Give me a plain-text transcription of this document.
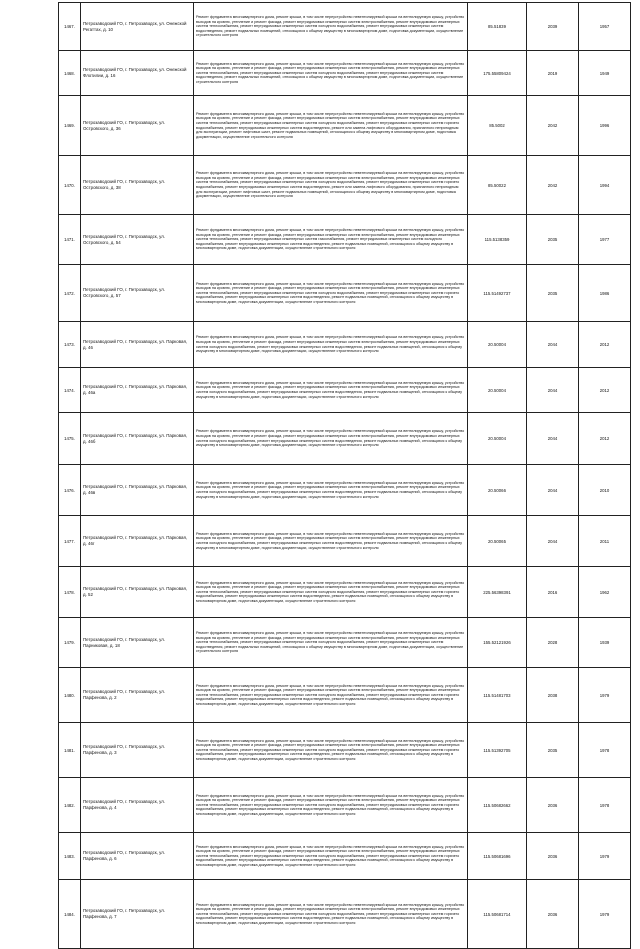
1467.	Петрозаводский ГО, г. Петрозаводск, ул. Онежской Регаттах, д. 10	Ремонт фундамента многоквартирного дома, ремонт крыши, в том числе переустройство невентилируемой крыши на вентилируемую крышу, устройство выходов на кровлю, утепление и ремонт фасада, ремонт внутридомовых инженерных систем электроснабжения, ремонт внутридомовых инженерных систем теплоснабжения, ремонт внутридомовых инженерных систем холодного водоснабжения, ремонт внутридомовых инженерных систем водоотведения, ремонт подвальных помещений, относящихся к общему имуществу в многоквартирном доме, подготовка документации, осуществление строительного контроля	85.51839	2039	1957
1468.	Петрозаводский ГО, г. Петрозаводск, ул. Онежской Флотилии, д. 16	Ремонт фундамента многоквартирного дома, ремонт крыши, в том числе переустройство невентилируемой крыши на вентилируемую крышу, устройство выходов на кровлю, утепление и ремонт фасада, ремонт внутридомовых инженерных систем электроснабжения, ремонт внутридомовых инженерных систем теплоснабжения, ремонт внутридомовых инженерных систем холодного водоснабжения, ремонт внутридомовых инженерных систем водоотведения, ремонт подвальных помещений, относящихся к общему имуществу в многоквартирном доме, подготовка документации, осуществление строительного контроля	175.55809424	2019	1949
1469.	Петрозаводский ГО, г. Петрозаводск, ул. Островского, д. 36	Ремонт фундамента многоквартирного дома, ремонт крыши, в том числе переустройство невентилируемой крыши на вентилируемую крышу, устройство выходов на кровлю, утепление и ремонт фасада, ремонт внутридомовых инженерных систем электроснабжения, ремонт внутридомовых инженерных систем теплоснабжения, ремонт внутридомовых инженерных систем холодного водоснабжения, ремонт внутридомовых инженерных систем горячего водоснабжения, ремонт внутридомовых инженерных систем водоотведения, ремонт или замена лифтового оборудования, признанного непригодным для эксплуатации, ремонт лифтовых шахт, ремонт подвальных помещений, относящихся к общему имуществу в многоквартирном доме, подготовка документации, осуществление строительного контроля	85.5002	2042	1996
1470.	Петрозаводский ГО, г. Петрозаводск, ул. Островского, д. 38	Ремонт фундамента многоквартирного дома, ремонт крыши, в том числе переустройство невентилируемой крыши на вентилируемую крышу, устройство выходов на кровлю, утепление и ремонт фасада, ремонт внутридомовых инженерных систем электроснабжения, ремонт внутридомовых инженерных систем теплоснабжения, ремонт внутридомовых инженерных систем холодного водоснабжения, ремонт внутридомовых инженерных систем горячего водоснабжения, ремонт внутридомовых инженерных систем водоотведения, ремонт или замена лифтового оборудования, признанного непригодным для эксплуатации, ремонт лифтовых шахт, ремонт подвальных помещений, относящихся к общему имуществу в многоквартирном доме, подготовка документации, осуществление строительного контроля	85.50022	2042	1994
1471.	Петрозаводский ГО, г. Петрозаводск, ул. Островского, д. 54	Ремонт фундамента многоквартирного дома, ремонт крыши, в том числе переустройство невентилируемой крыши на вентилируемую крышу, устройство выходов на кровлю, утепление и ремонт фасада, ремонт внутридомовых инженерных систем электроснабжения, ремонт внутридомовых инженерных систем теплоснабжения, ремонт внутридомовых инженерных систем газоснабжения, ремонт внутридомовых инженерных систем холодного водоснабжения, ремонт внутридомовых инженерных систем водоотведения, ремонт подвальных помещений, относящихся к общему имуществу в многоквартирном доме, подготовка документации, осуществление строительного контроля	115.5138359	2035	1977
1472.	Петрозаводский ГО, г. Петрозаводск, ул. Островского, д. 57	Ремонт фундамента многоквартирного дома, ремонт крыши, в том числе переустройство невентилируемой крыши на вентилируемую крышу, устройство выходов на кровлю, утепление и ремонт фасада, ремонт внутридомовых инженерных систем электроснабжения, ремонт внутридомовых инженерных систем теплоснабжения, ремонт внутридомовых инженерных систем холодного водоснабжения, ремонт внутридомовых инженерных систем горячего водоснабжения, ремонт внутридомовых инженерных систем водоотведения, ремонт подвальных помещений, относящихся к общему имуществу в многоквартирном доме, подготовка документации, осуществление строительного контроля	115.51492737	2035	1986
1473.	Петрозаводский ГО, г. Петрозаводск, ул. Парковая, д. 46	Ремонт фундамента многоквартирного дома, ремонт крыши, в том числе переустройство невентилируемой крыши на вентилируемую крышу, устройство выходов на кровлю, утепление и ремонт фасада, ремонт внутридомовых инженерных систем электроснабжения, ремонт внутридомовых инженерных систем холодного водоснабжения, ремонт внутридомовых инженерных систем водоотведения, ремонт подвальных помещений, относящихся к общему имуществу в многоквартирном доме, подготовка документации, осуществление строительного контроля	20.50004	2044	2012
1474.	Петрозаводский ГО, г. Петрозаводск, ул. Парковая, д. 46а	Ремонт фундамента многоквартирного дома, ремонт крыши, в том числе переустройство невентилируемой крыши на вентилируемую крышу, устройство выходов на кровлю, утепление и ремонт фасада, ремонт внутридомовых инженерных систем электроснабжения, ремонт внутридомовых инженерных систем холодного водоснабжения, ремонт внутридомовых инженерных систем водоотведения, ремонт подвальных помещений, относящихся к общему имуществу в многоквартирном доме, подготовка документации, осуществление строительного контроля	20.50004	2044	2012
1475.	Петрозаводский ГО, г. Петрозаводск, ул. Парковая, д. 46б	Ремонт фундамента многоквартирного дома, ремонт крыши, в том числе переустройство невентилируемой крыши на вентилируемую крышу, устройство выходов на кровлю, утепление и ремонт фасада, ремонт внутридомовых инженерных систем электроснабжения, ремонт внутридомовых инженерных систем холодного водоснабжения, ремонт внутридомовых инженерных систем водоотведения, ремонт подвальных помещений, относящихся к общему имуществу в многоквартирном доме, подготовка документации, осуществление строительного контроля	20.50004	2044	2012
1476.	Петрозаводский ГО, г. Петрозаводск, ул. Парковая, д. 46в	Ремонт фундамента многоквартирного дома, ремонт крыши, в том числе переустройство невентилируемой крыши на вентилируемую крышу, устройство выходов на кровлю, утепление и ремонт фасада, ремонт внутридомовых инженерных систем электроснабжения, ремонт внутридомовых инженерных систем холодного водоснабжения, ремонт внутридомовых инженерных систем водоотведения, ремонт подвальных помещений, относящихся к общему имуществу в многоквартирном доме, подготовка документации, осуществление строительного контроля	20.50066	2044	2010
1477.	Петрозаводский ГО, г. Петрозаводск, ул. Парковая, д. 46г	Ремонт фундамента многоквартирного дома, ремонт крыши, в том числе переустройство невентилируемой крыши на вентилируемую крышу, устройство выходов на кровлю, утепление и ремонт фасада, ремонт внутридомовых инженерных систем электроснабжения, ремонт внутридомовых инженерных систем холодного водоснабжения, ремонт внутридомовых инженерных систем водоотведения, ремонт подвальных помещений, относящихся к общему имуществу в многоквартирном доме, подготовка документации, осуществление строительного контроля	20.50065	2044	2011
1478.	Петрозаводский ГО, г. Петрозаводск, ул. Парковая, д. 52	Ремонт фундамента многоквартирного дома, ремонт крыши, в том числе переустройство невентилируемой крыши на вентилируемую крышу, устройство выходов на кровлю, утепление и ремонт фасада, ремонт внутридомовых инженерных систем электроснабжения, ремонт внутридомовых инженерных систем теплоснабжения, ремонт внутридомовых инженерных систем холодного водоснабжения, ремонт внутридомовых инженерных систем горячего водоснабжения, ремонт внутридомовых инженерных систем водоотведения, ремонт подвальных помещений, относящихся к общему имуществу в многоквартирном доме, подготовка документации, осуществление строительного контроля	225.56398391	2016	1962
1479.	Петрозаводский ГО, г. Петрозаводск, ул. Парниковая, д. 18	Ремонт фундамента многоквартирного дома, ремонт крыши, в том числе переустройство невентилируемой крыши на вентилируемую крышу, устройство выходов на кровлю, утепление и ремонт фасада, ремонт внутридомовых инженерных систем электроснабжения, ремонт внутридомовых инженерных систем теплоснабжения, ремонт внутридомовых инженерных систем холодного водоснабжения, ремонт внутридомовых инженерных систем водоотведения, ремонт подвальных помещений, относящихся к общему имуществу в многоквартирном доме, подготовка документации, осуществление строительного контроля	155.52121926	2028	1939
1480.	Петрозаводский ГО, г. Петрозаводск, ул. Парфенова, д. 2	Ремонт фундамента многоквартирного дома, ремонт крыши, в том числе переустройство невентилируемой крыши на вентилируемую крышу, устройство выходов на кровлю, утепление и ремонт фасада, ремонт внутридомовых инженерных систем электроснабжения, ремонт внутридомовых инженерных систем теплоснабжения, ремонт внутридомовых инженерных систем холодного водоснабжения, ремонт внутридомовых инженерных систем горячего водоснабжения, ремонт внутридомовых инженерных систем водоотведения, ремонт подвальных помещений, относящихся к общему имуществу в многоквартирном доме, подготовка документации, осуществление строительного контроля	115.51481703	2038	1979
1481.	Петрозаводский ГО, г. Петрозаводск, ул. Парфенова, д. 3	Ремонт фундамента многоквартирного дома, ремонт крыши, в том числе переустройство невентилируемой крыши на вентилируемую крышу, устройство выходов на кровлю, утепление и ремонт фасада, ремонт внутридомовых инженерных систем электроснабжения, ремонт внутридомовых инженерных систем теплоснабжения, ремонт внутридомовых инженерных систем холодного водоснабжения, ремонт внутридомовых инженерных систем горячего водоснабжения, ремонт внутридомовых инженерных систем водоотведения, ремонт подвальных помещений, относящихся к общему имуществу в многоквартирном доме, подготовка документации, осуществление строительного контроля	115.51392705	2035	1978
1482.	Петрозаводский ГО, г. Петрозаводск, ул. Парфенова, д. 4	Ремонт фундамента многоквартирного дома, ремонт крыши, в том числе переустройство невентилируемой крыши на вентилируемую крышу, устройство выходов на кровлю, утепление и ремонт фасада, ремонт внутридомовых инженерных систем электроснабжения, ремонт внутридомовых инженерных систем теплоснабжения, ремонт внутридомовых инженерных систем холодного водоснабжения, ремонт внутридомовых инженерных систем горячего водоснабжения, ремонт внутридомовых инженерных систем водоотведения, ремонт подвальных помещений, относящихся к общему имуществу в многоквартирном доме, подготовка документации, осуществление строительного контроля	115.50682662	2036	1978
1483.	Петрозаводский ГО, г. Петрозаводск, ул. Парфенова, д. 6	Ремонт фундамента многоквартирного дома, ремонт крыши, в том числе переустройство невентилируемой крыши на вентилируемую крышу, устройство выходов на кровлю, утепление и ремонт фасада, ремонт внутридомовых инженерных систем электроснабжения, ремонт внутридомовых инженерных систем теплоснабжения, ремонт внутридомовых инженерных систем холодного водоснабжения, ремонт внутридомовых инженерных систем горячего водоснабжения, ремонт внутридомовых инженерных систем водоотведения, ремонт подвальных помещений, относящихся к общему имуществу в многоквартирном доме, подготовка документации, осуществление строительного контроля	115.50681696	2036	1979
1484.	Петрозаводский ГО, г. Петрозаводск, ул. Парфенова, д. 7	Ремонт фундамента многоквартирного дома, ремонт крыши, в том числе переустройство невентилируемой крыши на вентилируемую крышу, устройство выходов на кровлю, утепление и ремонт фасада, ремонт внутридомовых инженерных систем электроснабжения, ремонт внутридомовых инженерных систем теплоснабжения, ремонт внутридомовых инженерных систем холодного водоснабжения, ремонт внутридомовых инженерных систем горячего водоснабжения, ремонт внутридомовых инженерных систем водоотведения, ремонт подвальных помещений, относящихся к общему имуществу в многоквартирном доме, подготовка документации, осуществление строительного контроля	115.50681714	2036	1979
